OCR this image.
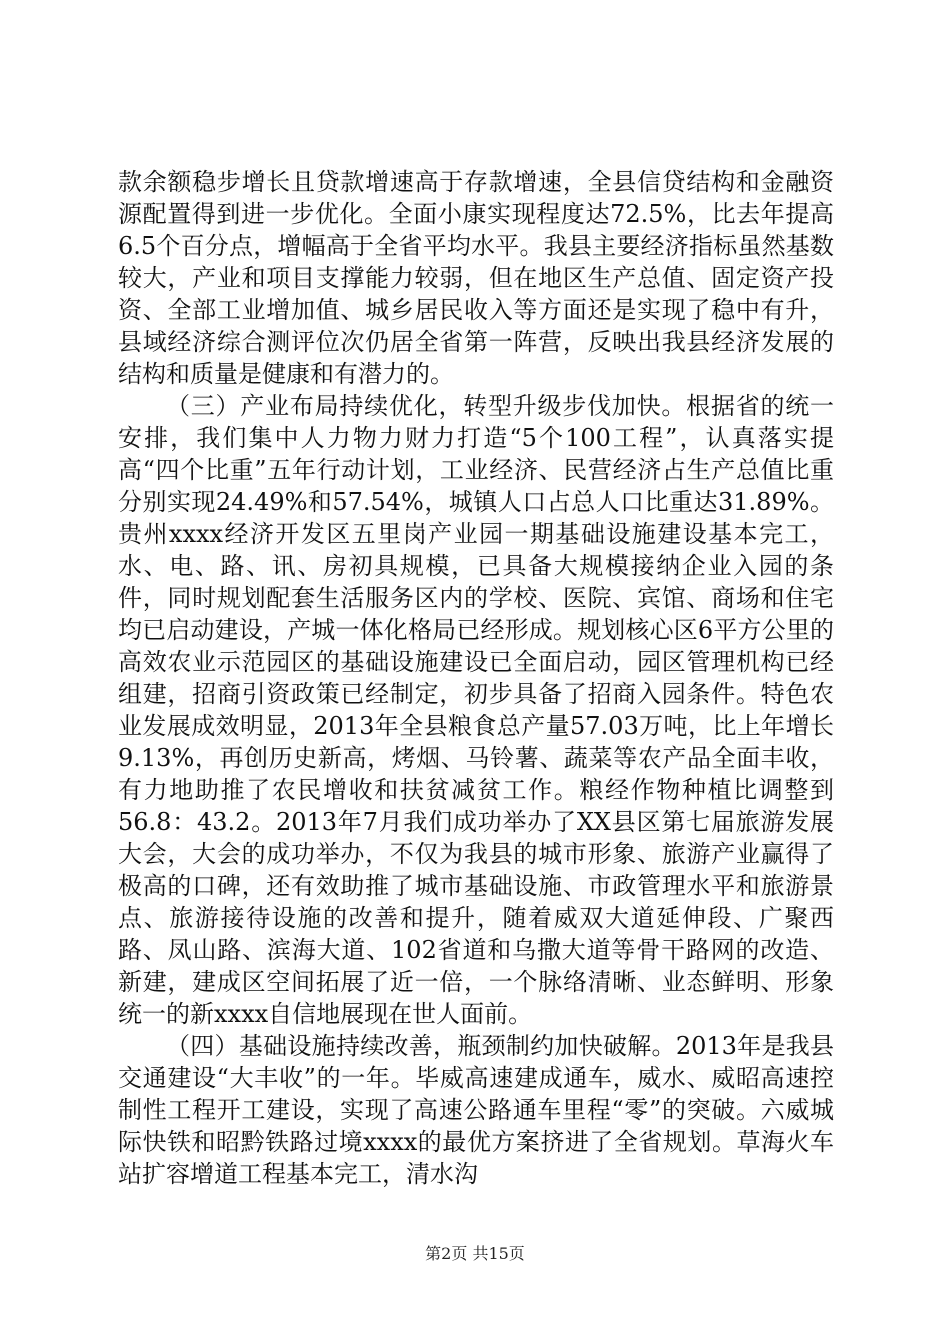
款余额稳步增长且贷款增速高于存款增速，全县信贷结构和金融资源配置得到进一步优化。全面小康实现程度达72.5%，比去年提高6.5个百分点，增幅高于全省平均水平。我县主要经济指标虽然基数较大，产业和项目支撑能力较弱，但在地区生产总值、固定资产投资、全部工业增加值、城乡居民收入等方面还是实现了稳中有升，县域经济综合测评位次仍居全省第一阵营，反映出我县经济发展的结构和质量是健康和有潜力的。

（三）产业布局持续优化，转型升级步伐加快。根据省的统一安排，我们集中人力物力财力打造“5个100工程”，认真落实提高“四个比重”五年行动计划，工业经济、民营经济占生产总值比重分别实现24.49%和57.54%，城镇人口占总人口比重达31.89%。贵州xxxx经济开发区五里岗产业园一期基础设施建设基本完工，水、电、路、讯、房初具规模，已具备大规模接纳企业入园的条件，同时规划配套生活服务区内的学校、医院、宾馆、商场和住宅均已启动建设，产城一体化格局已经形成。规划核心区6平方公里的高效农业示范园区的基础设施建设已全面启动，园区管理机构已经组建，招商引资政策已经制定，初步具备了招商入园条件。特色农业发展成效明显，2013年全县粮食总产量57.03万吨，比上年增长9.13%，再创历史新高，烤烟、马铃薯、蔬菜等农产品全面丰收，有力地助推了农民增收和扶贫减贫工作。粮经作物种植比调整到56.8：43.2。2013年7月我们成功举办了XX县区第七届旅游发展大会，大会的成功举办，不仅为我县的城市形象、旅游产业赢得了极高的口碑，还有效助推了城市基础设施、市政管理水平和旅游景点、旅游接待设施的改善和提升，随着威双大道延伸段、广聚西路、凤山路、滨海大道、102省道和乌撒大道等骨干路网的改造、新建，建成区空间拓展了近一倍，一个脉络清晰、业态鲜明、形象统一的新xxxx自信地展现在世人面前。

（四）基础设施持续改善，瓶颈制约加快破解。2013年是我县交通建设“大丰收”的一年。毕威高速建成通车，威水、威昭高速控制性工程开工建设，实现了高速公路通车里程“零”的突破。六威城际快铁和昭黔铁路过境xxxx的最优方案挤进了全省规划。草海火车站扩容增道工程基本完工，清水沟

第2页 共15页
